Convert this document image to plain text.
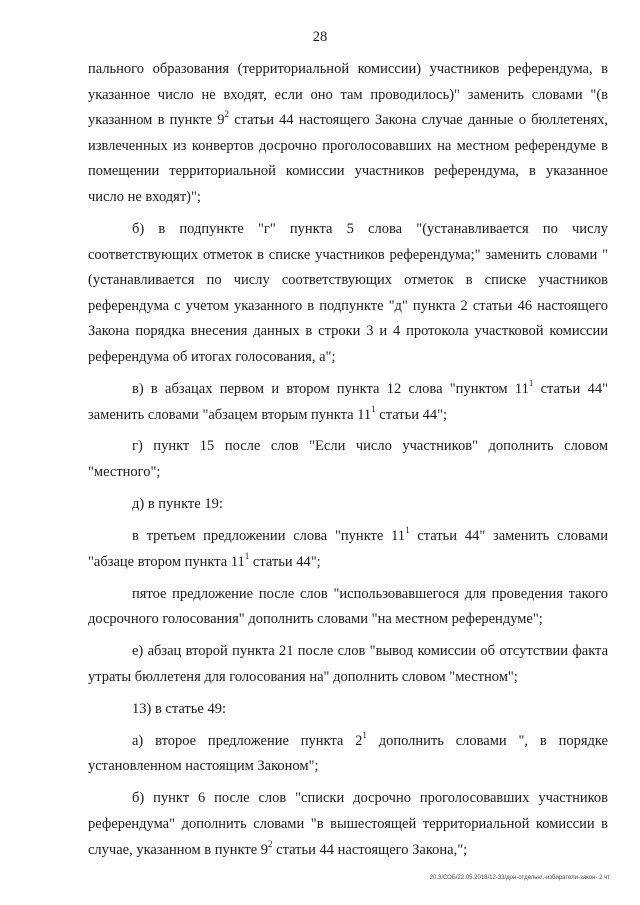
28

пального образования (территориальной комиссии) участников референдума, в указанное число не входят, если оно там проводилось)" заменить словами "(в указанном в пункте $9^2$ статьи 44 настоящего Закона случае данные о бюллетенях, извлеченных из конвертов досрочно проголосовавших на местном референдуме в помещении территориальной комиссии участников референдума, в указанное число не входят)";

б) в подпункте "г" пункта 5 слова "(устанавливается по числу соответствующих отметок в списке участников референдума;" заменить словами "(устанавливается по числу соответствующих отметок в списке участников референдума с учетом указанного в подпункте "д" пункта 2 статьи 46 настоящего Закона порядка внесения данных в строки 3 и 4 протокола участковой комиссии референдума об итогах голосования, а";

в) в абзацах первом и втором пункта 12 слова "пунктом $11^1$ статьи 44" заменить словами "абзацем вторым пункта $11^1$ статьи 44";

г) пункт 15 после слов "Если число участников" дополнить словом "местного";

д) в пункте 19:

в третьем предложении слова "пункте $11^1$ статьи 44" заменить словами "абзаце втором пункта $11^1$ статьи 44";

пятое предложение после слов "использовавшегося для проведения такого досрочного голосования" дополнить словами "на местном референдуме";

е) абзац второй пункта 21 после слов "вывод комиссии об отсутствии факта утраты бюллетеня для голосования на" дополнить словом "местном";

13) в статье 49:

а) второе предложение пункта $2^1$ дополнить словами ", в порядке установленном настоящим Законом";

б) пункт 6 после слов "списки досрочно проголосовавших участников референдума" дополнить словами "в вышестоящей территориальной комиссии в случае, указанном в пункте $9^2$ статьи 44 настоящего Закона,";

20.3/СОБ/22.05.2018/12-33/дон-отдельн/,-избиратели-закон- 2 чт
